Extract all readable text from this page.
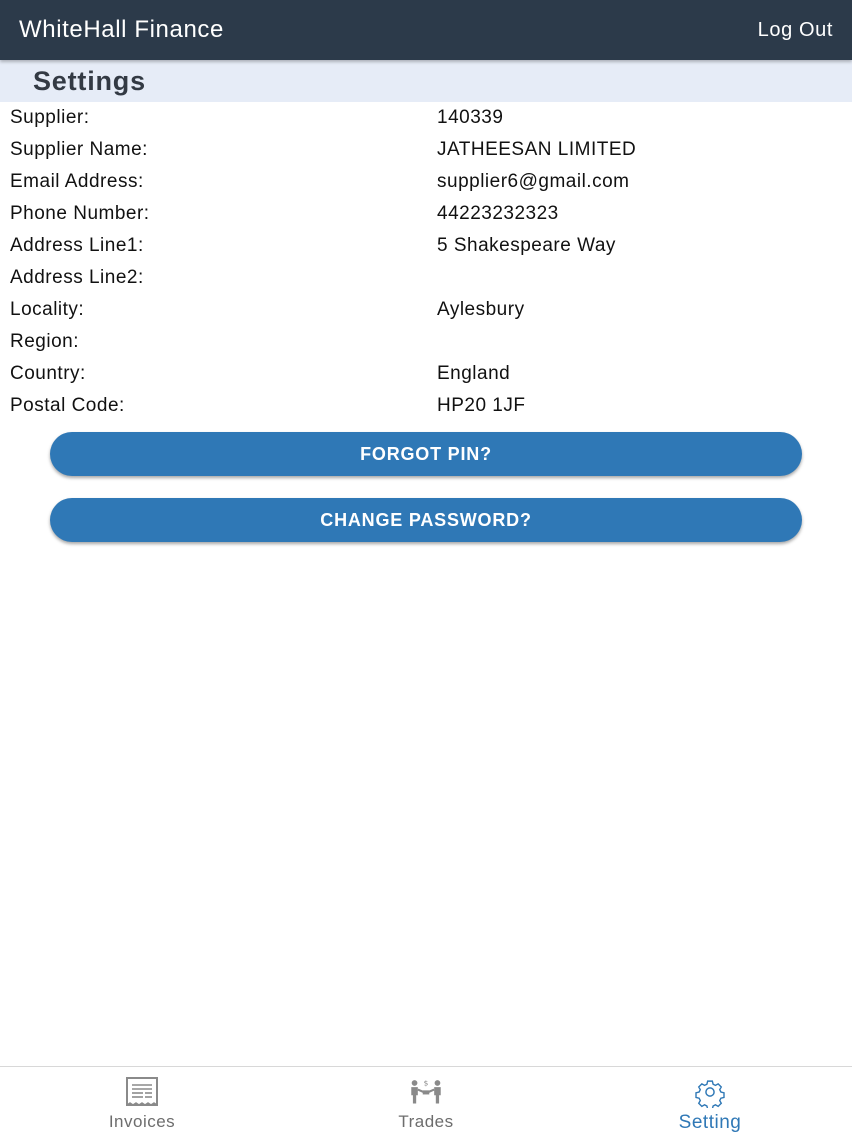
WhiteHall Finance	Log Out
Settings
Supplier:	140339
Supplier Name:	JATHEESAN LIMITED
Email Address:	supplier6@gmail.com
Phone Number:	44223232323
Address Line1:	5 Shakespeare Way
Address Line2:
Locality:	Aylesbury
Region:
Country:	England
Postal Code:	HP20 1JF
FORGOT PIN?
CHANGE PASSWORD?
Invoices
$
Trades	Setting
